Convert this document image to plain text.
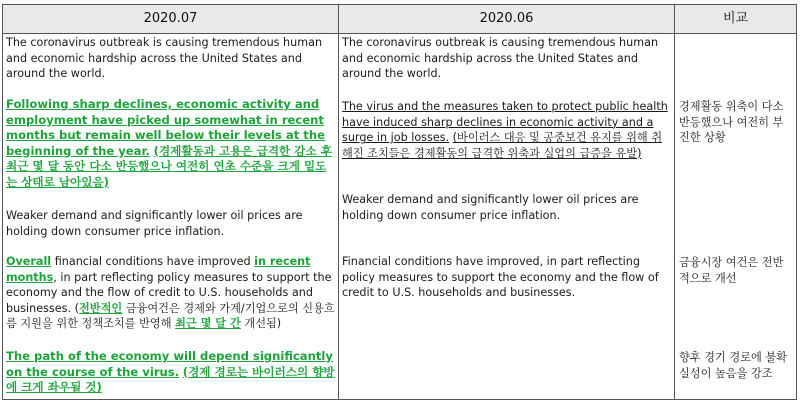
2020.07	2020.06	비교

The coronavirus outbreak is causing tremendous human and economic hardship across the United States and around the world.

Following sharp declines, economic activity and employment have picked up somewhat in recent months but remain well below their levels at the beginning of the year. (경제활동과 고용은 급격한 감소 후 최근 몇 달 동안 다소 반등했으나 여전히 연초 수준을 크게 밑도는 상태로 남아있음)

Weaker demand and significantly lower oil prices are holding down consumer price inflation.

Overall financial conditions have improved in recent months, in part reflecting policy measures to support the economy and the flow of credit to U.S. households and businesses. (전반적인 금융여건은 경제와 가계/기업으로의 신용흐름 지원을 위한 정책조치를 반영해 최근 몇 달 간 개선됨)

The path of the economy will depend significantly on the course of the virus. (경제 경로는 바이러스의 향방에 크게 좌우될 것)

The coronavirus outbreak is causing tremendous human and economic hardship across the United States and around the world.

The virus and the measures taken to protect public health have induced sharp declines in economic activity and a surge in job losses. (바이러스 대응 및 공중보건 유지를 위해 취해진 조치들은 경제활동의 급격한 위축과 실업의 급증을 유발)

Weaker demand and significantly lower oil prices are holding down consumer price inflation.

Financial conditions have improved, in part reflecting policy measures to support the economy and the flow of credit to U.S. households and businesses.

경제활동 위축이 다소 반등했으나 여전히 부진한 상황
금융시장 여건은 전반적으로 개선
향후 경기 경로에 불확실성이 높음을 강조
